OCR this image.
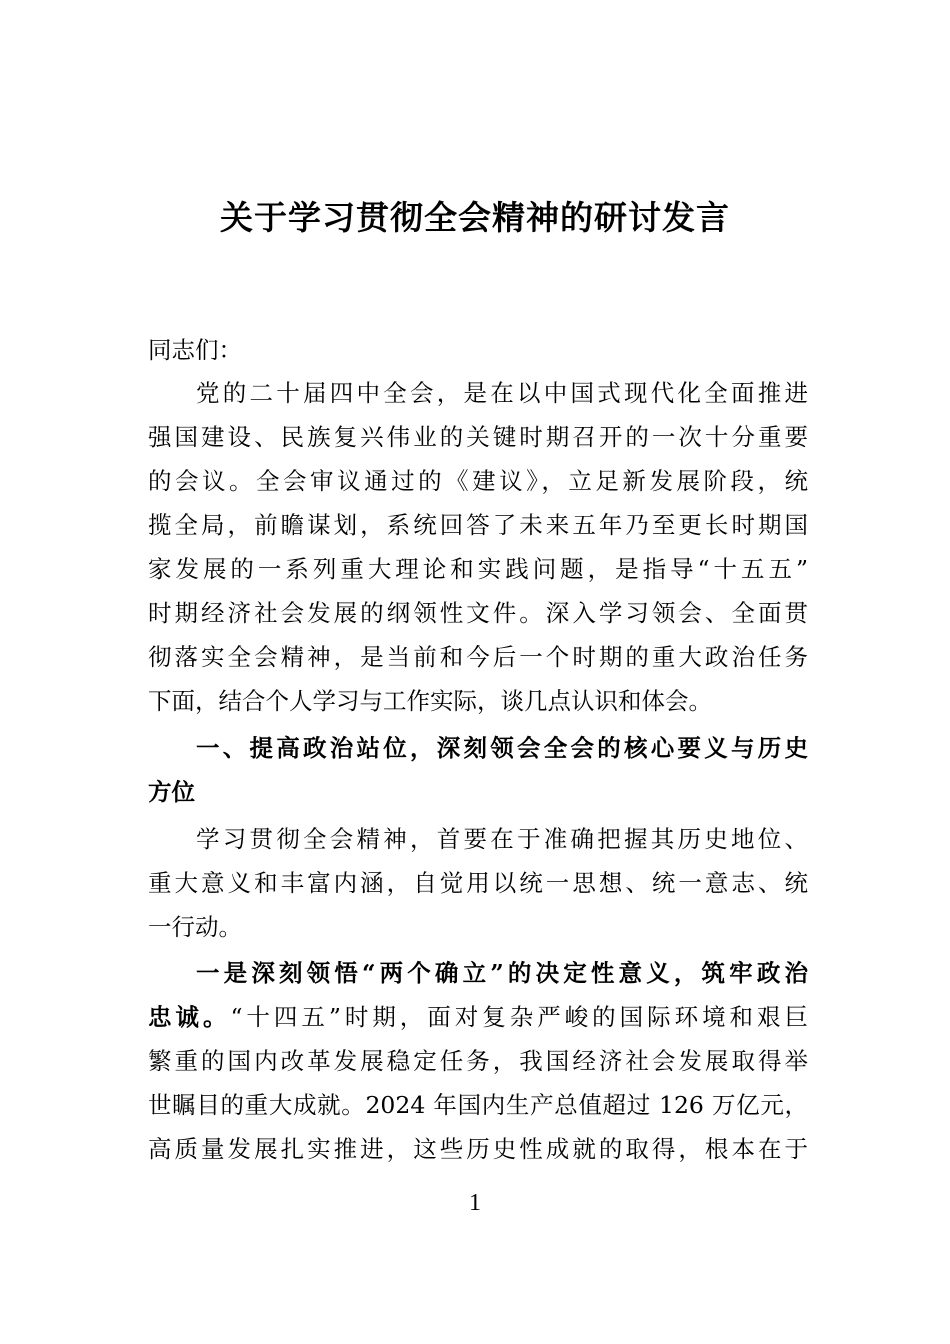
关于学习贯彻全会精神的研讨发言

同志们：

党的二十届四中全会，是在以中国式现代化全面推进

强国建设、民族复兴伟业的关键时期召开的一次十分重要

的会议。全会审议通过的《建议》，立足新发展阶段，统

揽全局，前瞻谋划，系统回答了未来五年乃至更长时期国

家发展的一系列重大理论和实践问题，是指导“十五五”

时期经济社会发展的纲领性文件。深入学习领会、全面贯

彻落实全会精神，是当前和今后一个时期的重大政治任务

下面，结合个人学习与工作实际，谈几点认识和体会。

一、提高政治站位，深刻领会全会的核心要义与历史

方位

学习贯彻全会精神，首要在于准确把握其历史地位、

重大意义和丰富内涵，自觉用以统一思想、统一意志、统

一行动。

一是深刻领悟“两个确立”的决定性意义，筑牢政治

忠诚。“十四五”时期，面对复杂严峻的国际环境和艰巨

繁重的国内改革发展稳定任务，我国经济社会发展取得举

世瞩目的重大成就。2024 年国内生产总值超过 126 万亿元，

高质量发展扎实推进，这些历史性成就的取得，根本在于

1
